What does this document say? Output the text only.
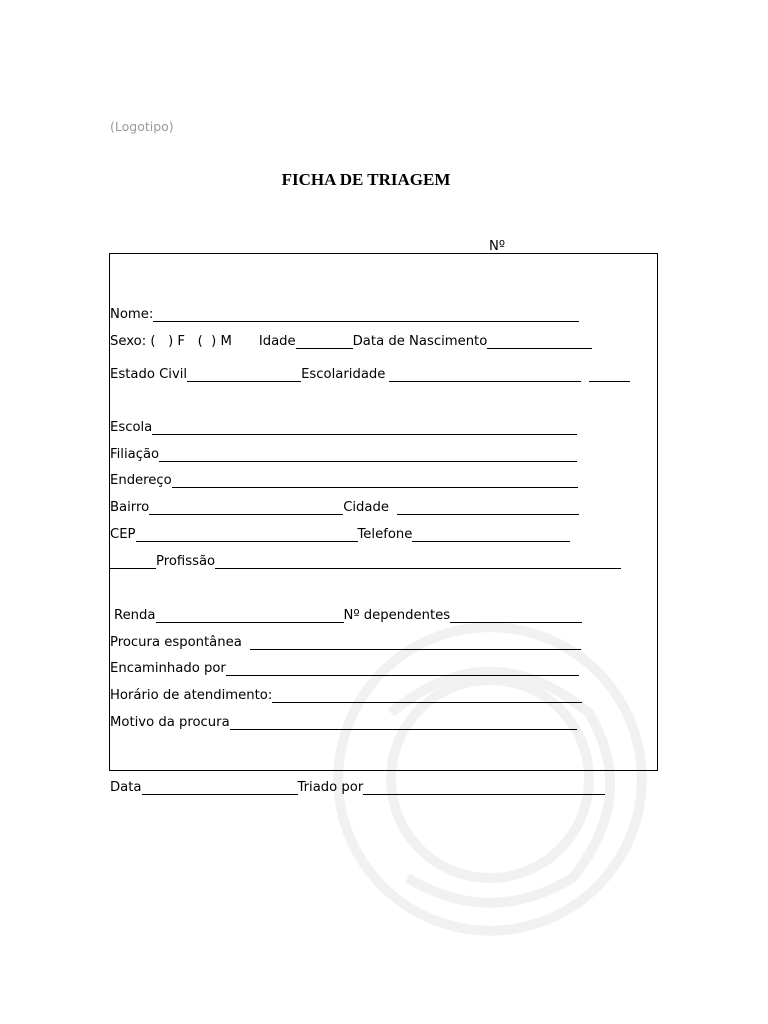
(Logotipo)
FICHA DE TRIAGEM
Nº
Nome:
Sexo: (   ) F   (  ) M Idade	Data de Nascimento
Estado Civil	Escolaridade
Escola
Filiação
Endereço
Bairro	Cidade
CEP	Telefone
Profissão
Renda	Nº dependentes
Procura espontânea
Encaminhado por
Horário de atendimento:
Motivo da procura
Data	Triado por
